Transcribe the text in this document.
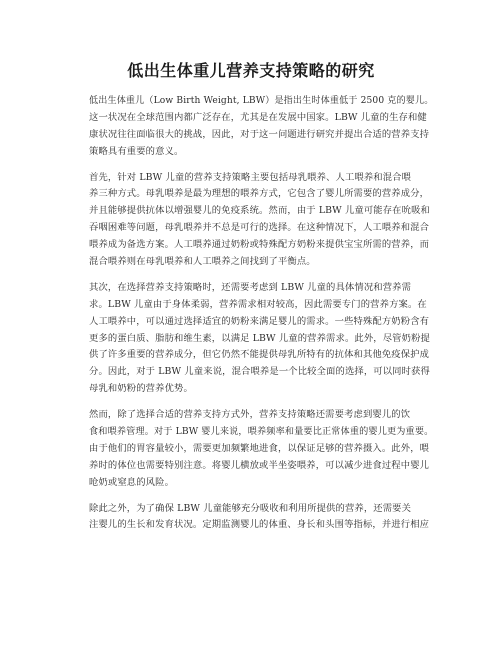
低出生体重儿营养支持策略的研究
低出生体重儿（Low Birth Weight, LBW）是指出生时体重低于 2500 克的婴儿。
这一状况在全球范围内都广泛存在，尤其是在发展中国家。LBW 儿童的生存和健
康状况往往面临很大的挑战，因此，对于这一问题进行研究并提出合适的营养支持
策略具有重要的意义。
首先，针对 LBW 儿童的营养支持策略主要包括母乳喂养、人工喂养和混合喂
养三种方式。母乳喂养是最为理想的喂养方式，它包含了婴儿所需要的营养成分，
并且能够提供抗体以增强婴儿的免疫系统。然而，由于 LBW 儿童可能存在吮吸和
吞咽困难等问题，母乳喂养并不总是可行的选择。在这种情况下，人工喂养和混合
喂养成为备选方案。人工喂养通过奶粉或特殊配方奶粉来提供宝宝所需的营养，而
混合喂养则在母乳喂养和人工喂养之间找到了平衡点。
其次，在选择营养支持策略时，还需要考虑到 LBW 儿童的具体情况和营养需
求。LBW 儿童由于身体柔弱，营养需求相对较高，因此需要专门的营养方案。在
人工喂养中，可以通过选择适宜的奶粉来满足婴儿的需求。一些特殊配方奶粉含有
更多的蛋白质、脂肪和维生素，以满足 LBW 儿童的营养需求。此外，尽管奶粉提
供了许多重要的营养成分，但它仍然不能提供母乳所特有的抗体和其他免疫保护成
分。因此，对于 LBW 儿童来说，混合喂养是一个比较全面的选择，可以同时获得
母乳和奶粉的营养优势。
然而，除了选择合适的营养支持方式外，营养支持策略还需要考虑到婴儿的饮
食和喂养管理。对于 LBW 婴儿来说，喂养频率和量要比正常体重的婴儿更为重要。
由于他们的胃容量较小，需要更加频繁地进食，以保证足够的营养摄入。此外，喂
养时的体位也需要特别注意。将婴儿横放或半坐姿喂养，可以减少进食过程中婴儿
呛奶或窒息的风险。
除此之外，为了确保 LBW 儿童能够充分吸收和利用所提供的营养，还需要关
注婴儿的生长和发育状况。定期监测婴儿的体重、身长和头围等指标，并进行相应
